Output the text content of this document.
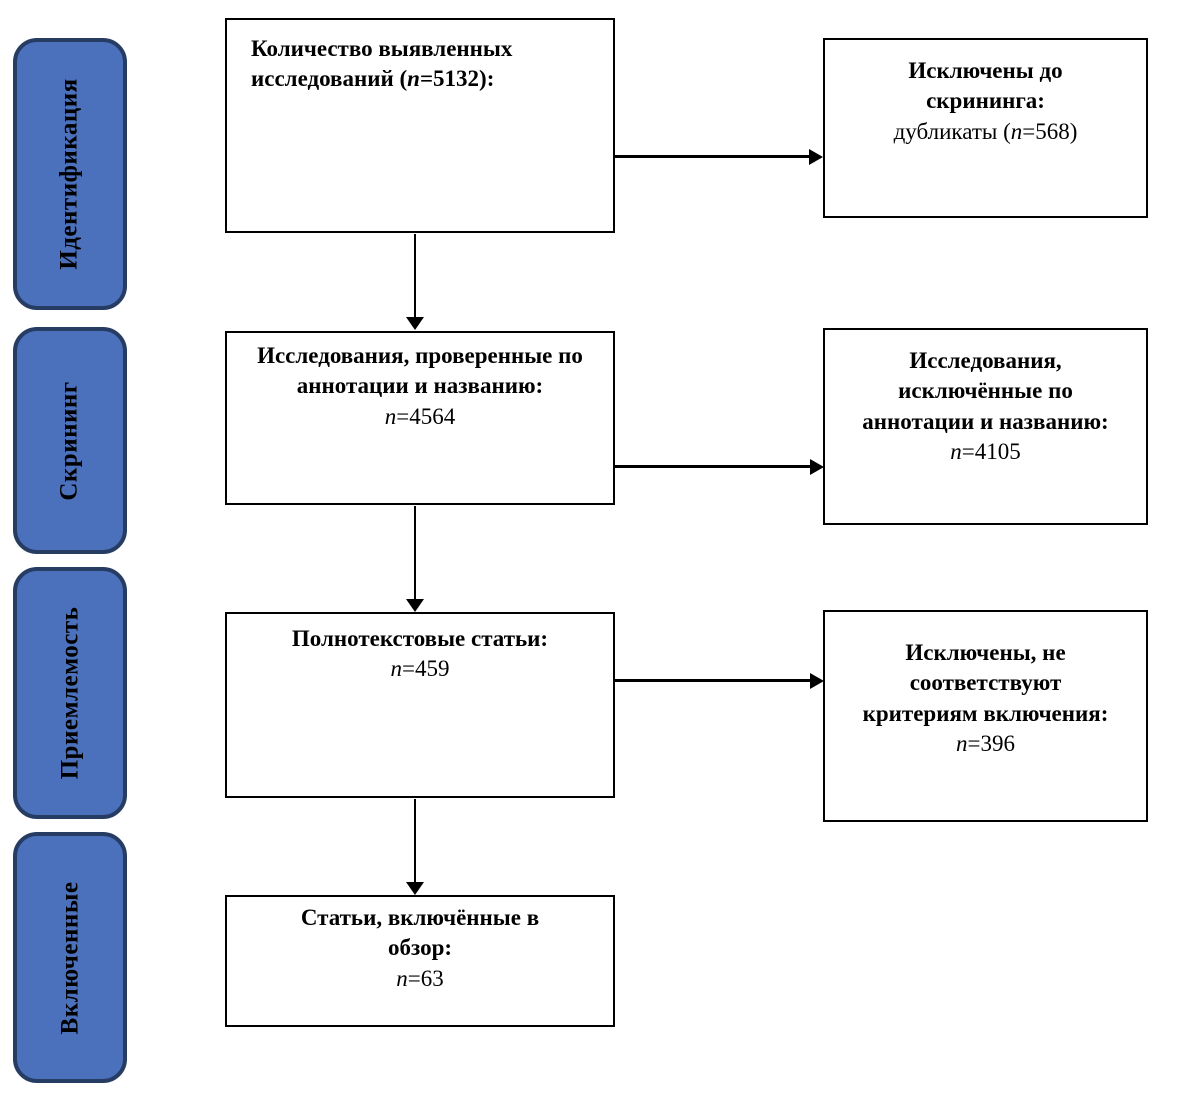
Идентификация
Скрининг
Приемлемость
Включенные
Количество выявленных исследований (n=5132):
Исследования, проверенные по аннотации и названию:
n=4564
Полнотекстовые статьи:
n=459
Статьи, включённые в обзор:
n=63
Исключены до скрининга:
дубликаты (n=568)
Исследования, исключённые по аннотации и названию:
n=4105
Исключены, не соответствуют критериям включения:
n=396
